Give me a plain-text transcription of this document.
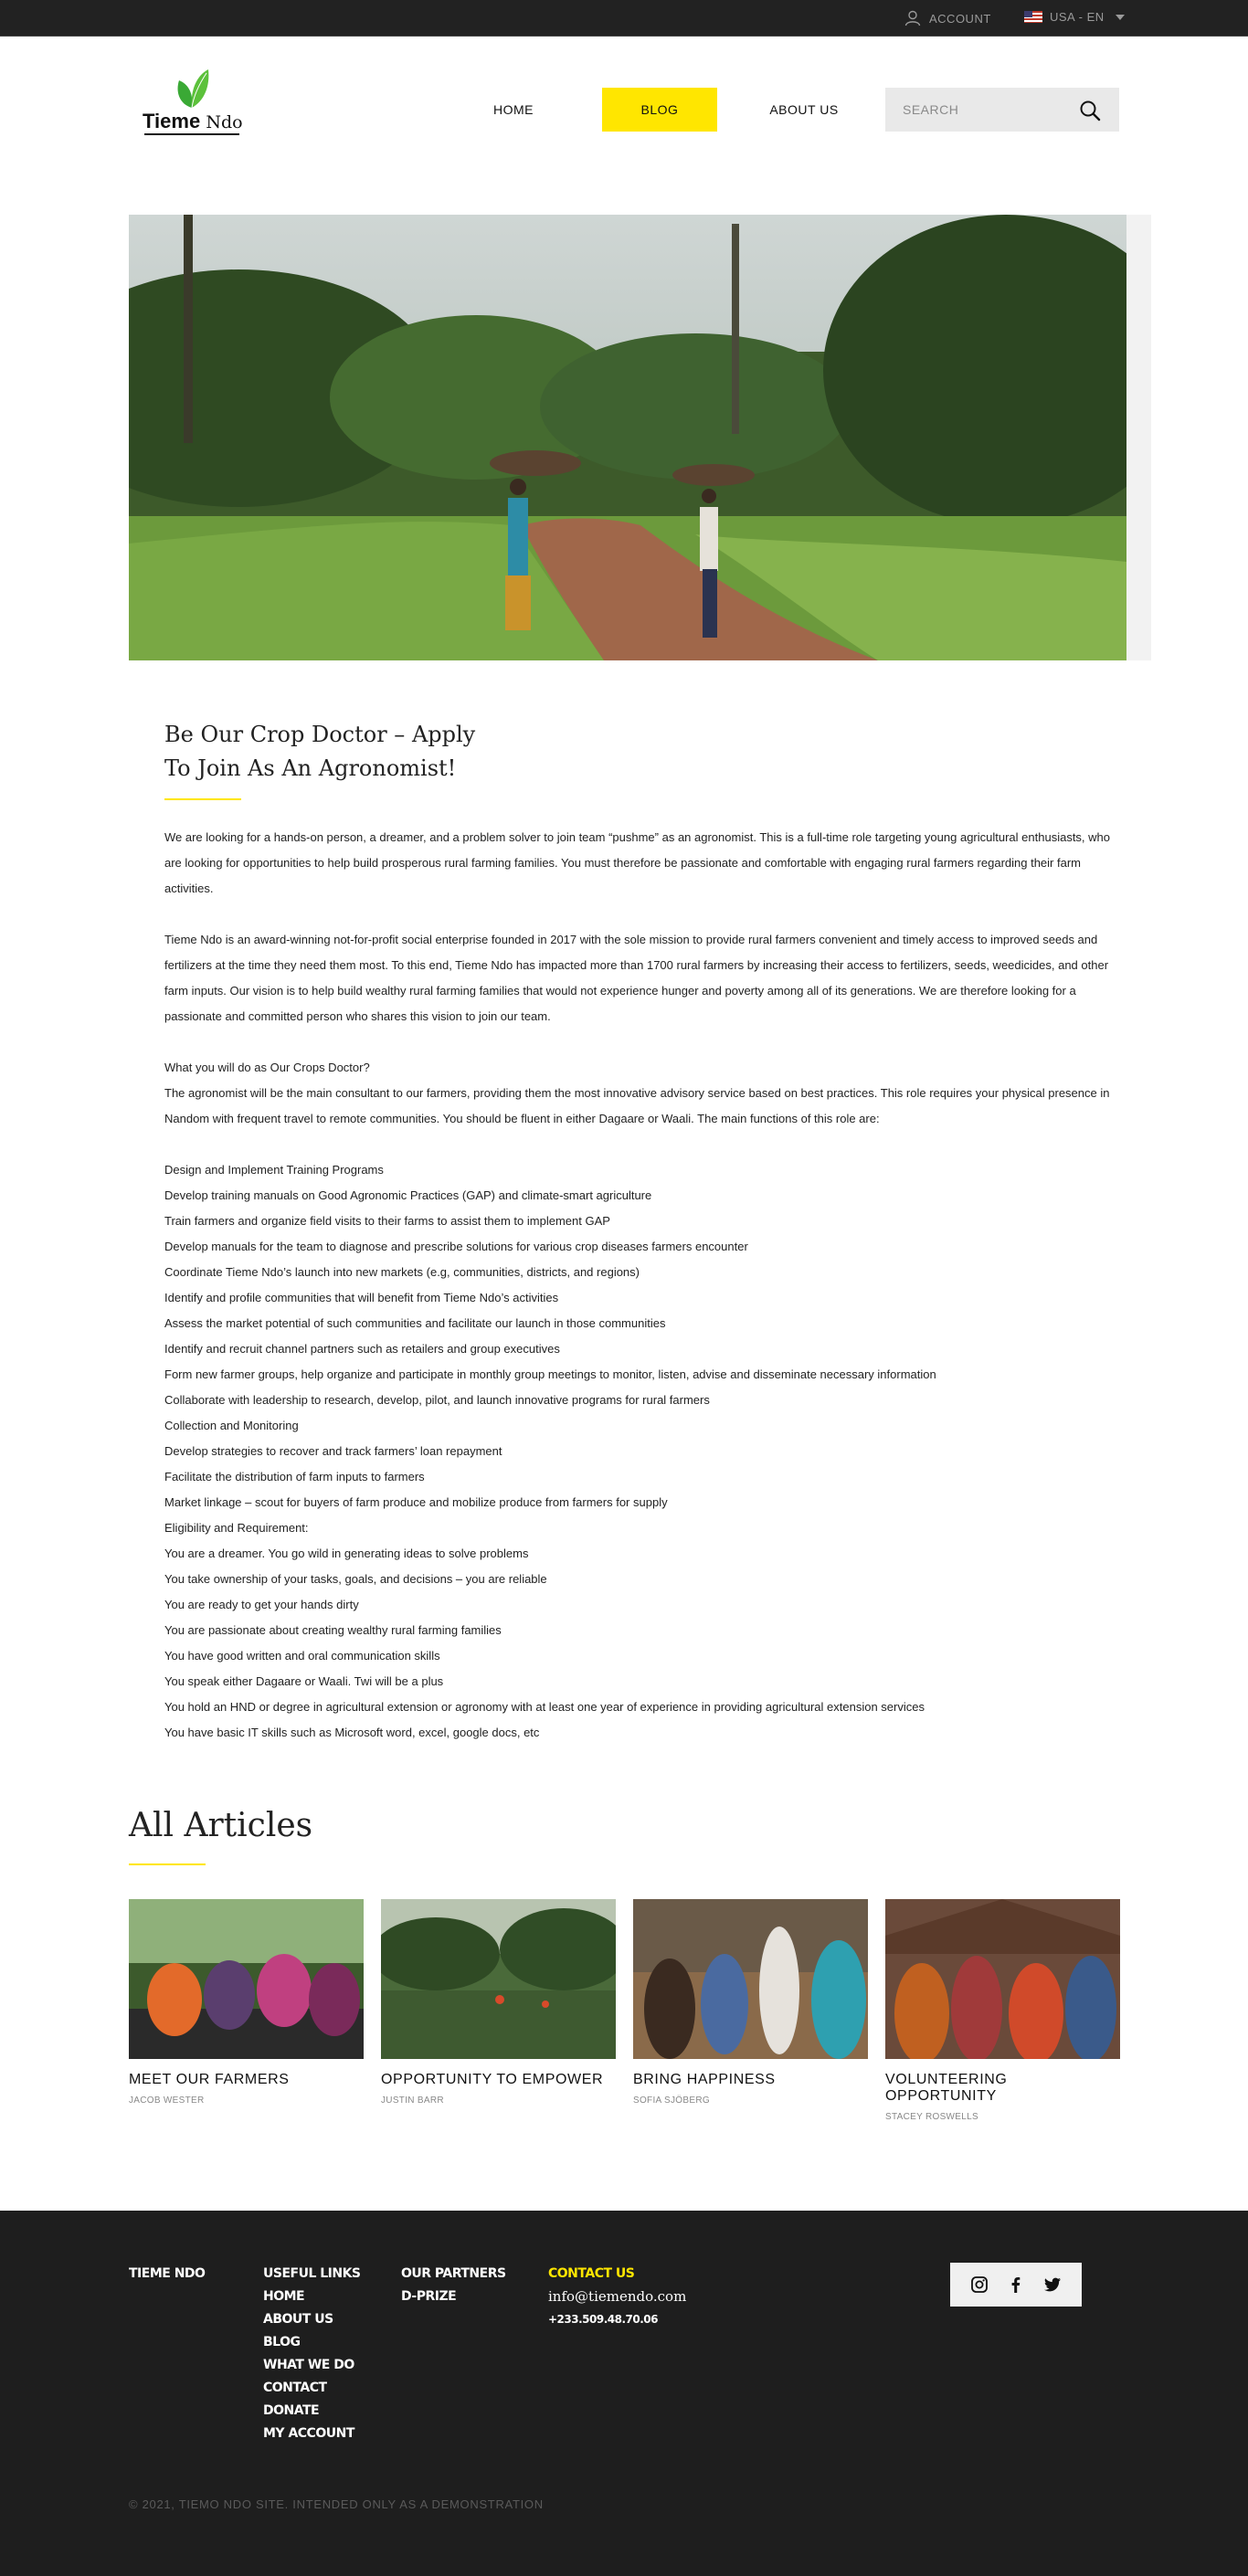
ACCOUNT	USA - EN
Tieme Ndo
HOME	BLOG	ABOUT US
SEARCH
Be Our Crop Doctor – Apply
To Join As An Agronomist!

We are looking for a hands-on person, a dreamer, and a problem solver to join team “pushme” as an agronomist. This is a full-time role targeting young agricultural enthusiasts, who are looking for opportunities to help build prosperous rural farming families. You must therefore be passionate and comfortable with engaging rural farmers regarding their farm activities.

Tieme Ndo is an award-winning not-for-profit social enterprise founded in 2017 with the sole mission to provide rural farmers convenient and timely access to improved seeds and fertilizers at the time they need them most. To this end, Tieme Ndo has impacted more than 1700 rural farmers by increasing their access to fertilizers, seeds, weedicides, and other farm inputs. Our vision is to help build wealthy rural farming families that would not experience hunger and poverty among all of its generations. We are therefore looking for a passionate and committed person who shares this vision to join our team.

What you will do as Our Crops Doctor?

The agronomist will be the main consultant to our farmers, providing them the most innovative advisory service based on best practices. This role requires your physical presence in Nandom with frequent travel to remote communities. You should be fluent in either Dagaare or Waali. The main functions of this role are:

Design and Implement Training Programs
Develop training manuals on Good Agronomic Practices (GAP) and climate-smart agriculture
Train farmers and organize field visits to their farms to assist them to implement GAP
Develop manuals for the team to diagnose and prescribe solutions for various crop diseases farmers encounter
Coordinate Tieme Ndo’s launch into new markets (e.g, communities, districts, and regions)
Identify and profile communities that will benefit from Tieme Ndo’s activities
Assess the market potential of such communities and facilitate our launch in those communities
Identify and recruit channel partners such as retailers and group executives
Form new farmer groups, help organize and participate in monthly group meetings to monitor, listen, advise and disseminate necessary information
Collaborate with leadership to research, develop, pilot, and launch innovative programs for rural farmers
Collection and Monitoring
Develop strategies to recover and track farmers’ loan repayment
Facilitate the distribution of farm inputs to farmers
Market linkage – scout for buyers of farm produce and mobilize produce from farmers for supply
Eligibility and Requirement:
You are a dreamer. You go wild in generating ideas to solve problems
You take ownership of your tasks, goals, and decisions – you are reliable
You are ready to get your hands dirty
You are passionate about creating wealthy rural farming families
You have good written and oral communication skills
You speak either Dagaare or Waali. Twi will be a plus
You hold an HND or degree in agricultural extension or agronomy with at least one year of experience in providing agricultural extension services
You have basic IT skills such as Microsoft word, excel, google docs, etc
All Articles
MEET OUR FARMERS
JACOB WESTER
OPPORTUNITY TO EMPOWER
JUSTIN BARR
BRING HAPPINESS
SOFIA SJÖBERG
VOLUNTEERING OPPORTUNITY
STACEY ROSWELLS
TIEME NDO	USEFUL LINKS
HOME
ABOUT US
BLOG
WHAT WE DO
CONTACT
DONATE
MY ACCOUNT
OUR PARTNERS
D-PRIZE
CONTACT US
info@tiemendo.com
+233.509.48.70.06
© 2021, TIEMO NDO SITE. INTENDED ONLY AS A DEMONSTRATION
